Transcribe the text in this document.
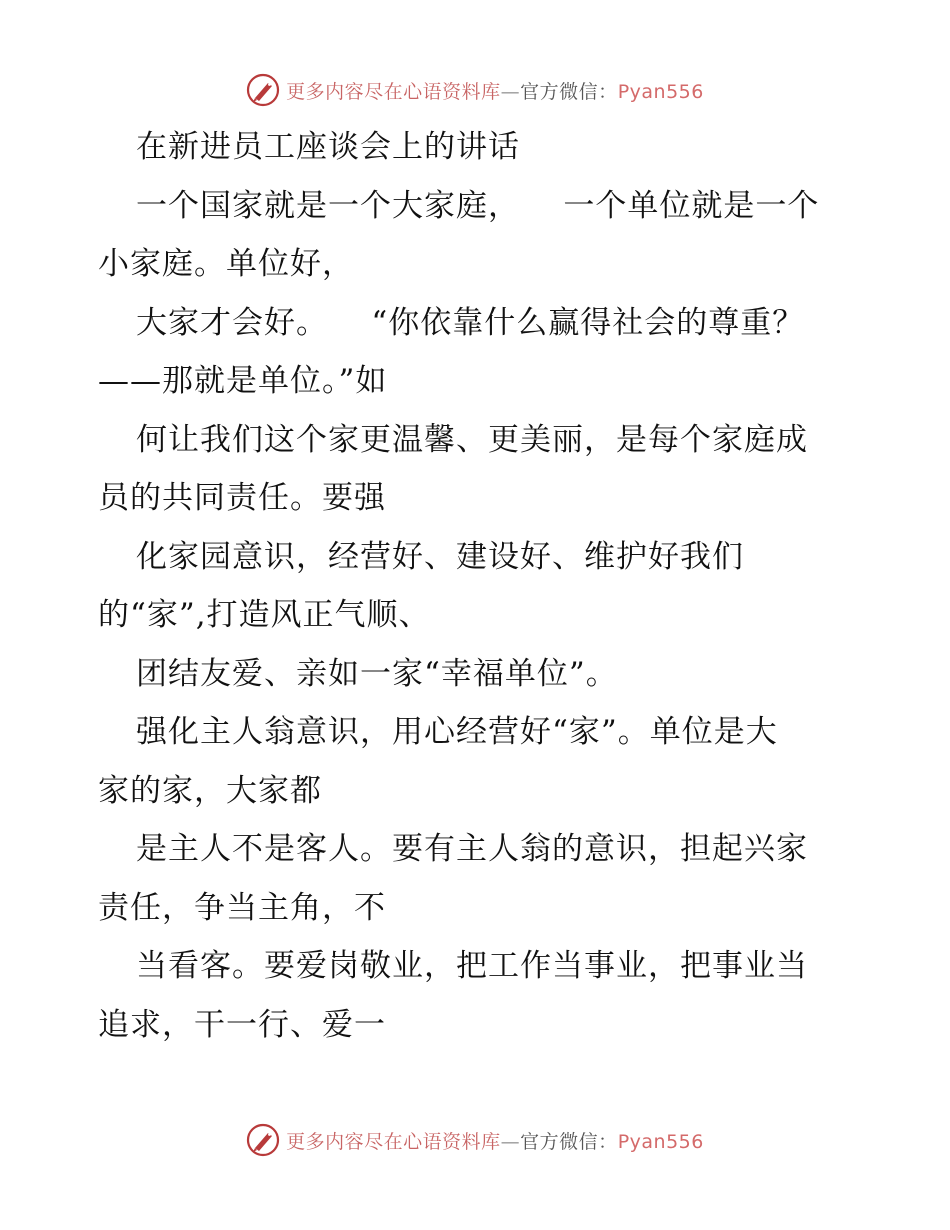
更多内容尽在心语资料库—官方微信：Pyan556
在新进员工座谈会上的讲话
一个国家就是一个大家庭，    一个单位就是一个
小家庭。单位好，
大家才会好。    “你依靠什么赢得社会的尊重？
——那就是单位。”如
何让我们这个家更温馨、更美丽，是每个家庭成
员的共同责任。要强
化家园意识，经营好、建设好、维护好我们
的“家”,打造风正气顺、
团结友爱、亲如一家“幸福单位”。
强化主人翁意识，用心经营好“家”。单位是大
家的家，大家都
是主人不是客人。要有主人翁的意识，担起兴家
责任，争当主角，不
当看客。要爱岗敬业，把工作当事业，把事业当
追求，干一行、爱一
更多内容尽在心语资料库—官方微信：Pyan556
